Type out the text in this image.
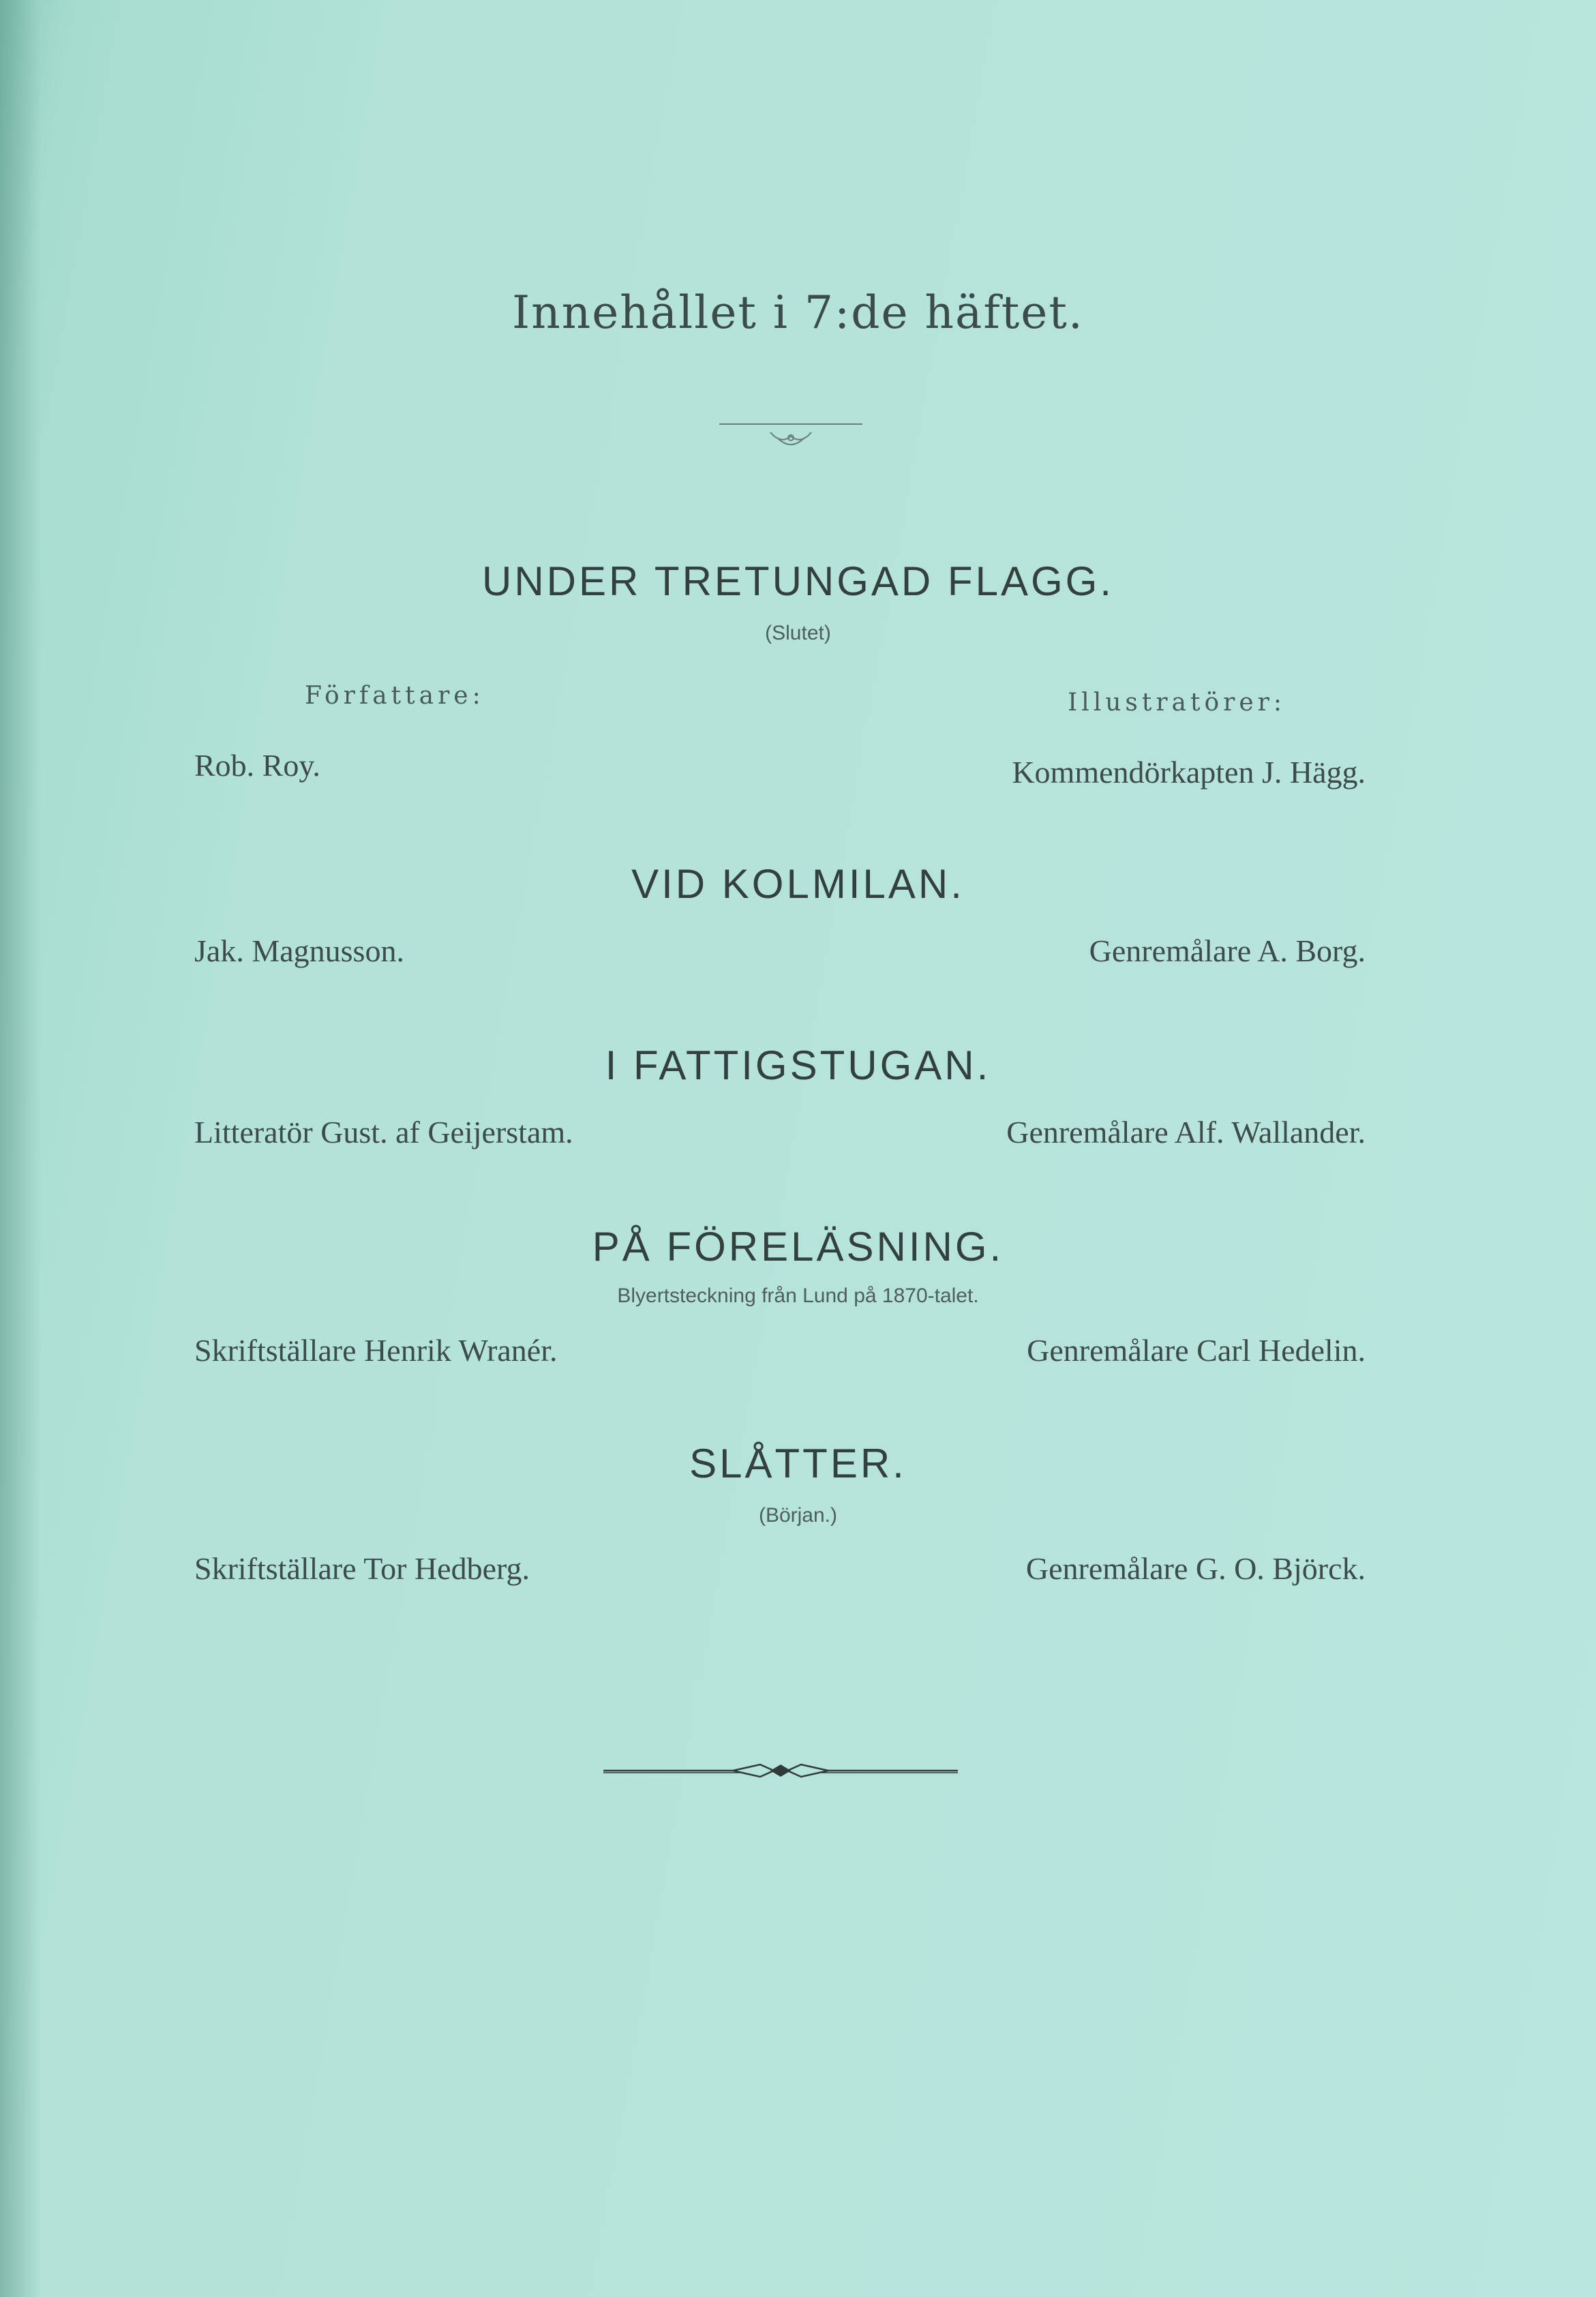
Innehållet i 7:de häftet.
UNDER TRETUNGAD FLAGG.
(Slutet)
Författare:	Illustratörer:
Rob. Roy.	Kommendörkapten J. Hägg.
VID KOLMILAN.
Jak. Magnusson.	Genremålare A. Borg.
I FATTIGSTUGAN.
Litteratör Gust. af Geijerstam.	Genremålare Alf. Wallander.
PÅ FÖRELÄSNING.
Blyertsteckning från Lund på 1870-talet.
Skriftställare Henrik Wranér.	Genremålare Carl Hedelin.
SLÅTTER.
(Början.)
Skriftställare Tor Hedberg.	Genremålare G. O. Björck.
